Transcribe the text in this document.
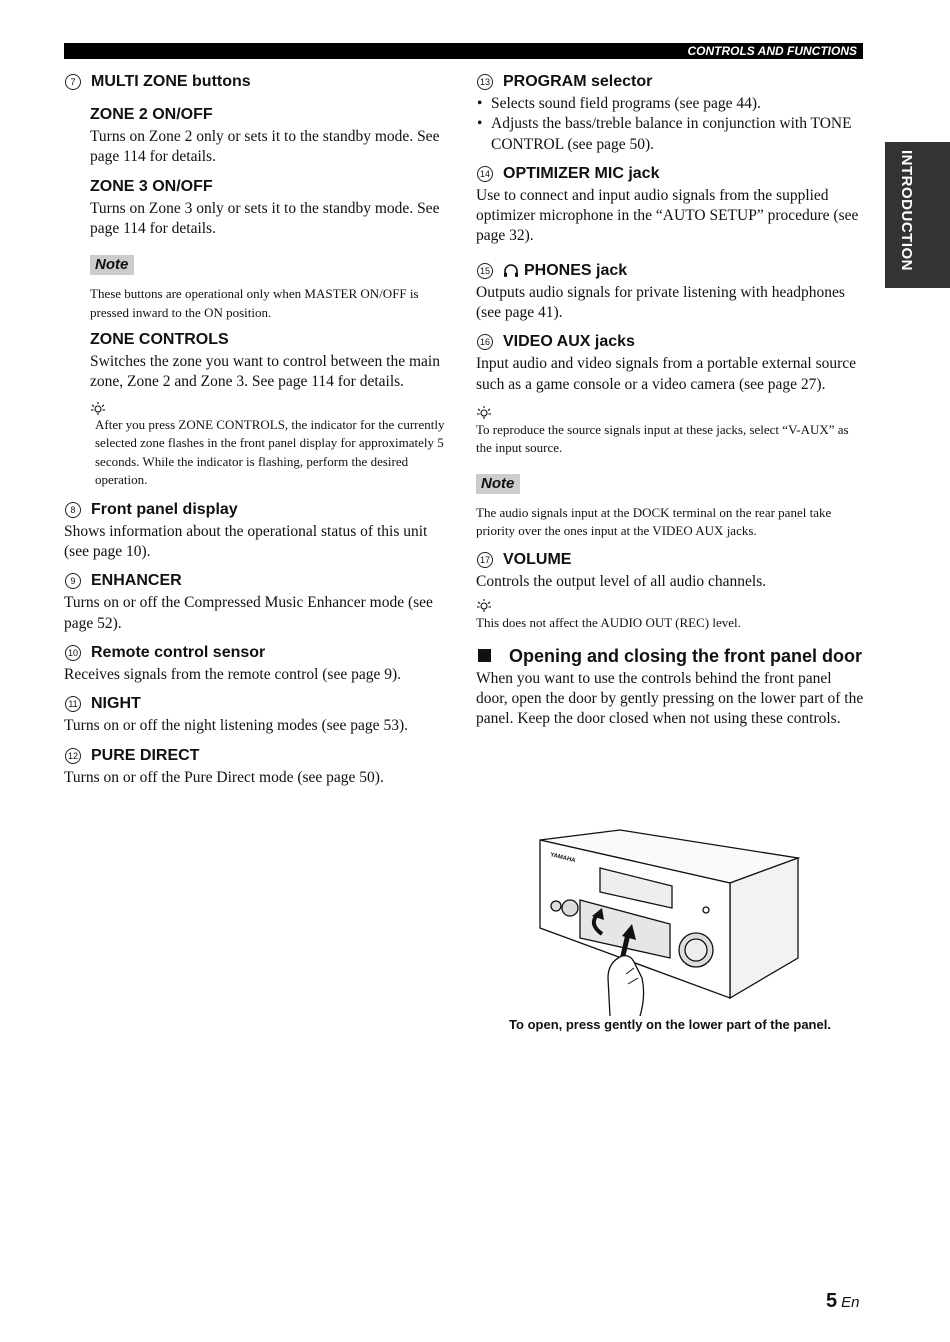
CONTROLS AND FUNCTIONS
INTRODUCTION
7 MULTI ZONE buttons

ZONE 2 ON/OFF

Turns on Zone 2 only or sets it to the standby mode. See page 114 for details.

ZONE 3 ON/OFF

Turns on Zone 3 only or sets it to the standby mode. See page 114 for details.

Note

These buttons are operational only when MASTER ON/OFF is pressed inward to the ON position.

ZONE CONTROLS

Switches the zone you want to control between the main zone, Zone 2 and Zone 3. See page 114 for details.

After you press ZONE CONTROLS, the indicator for the currently selected zone flashes in the front panel display for approximately 5 seconds. While the indicator is flashing, perform the desired operation.

8 Front panel display

Shows information about the operational status of this unit (see page 10).

9 ENHANCER

Turns on or off the Compressed Music Enhancer mode (see page 52).

10 Remote control sensor

Receives signals from the remote control (see page 9).

11 NIGHT

Turns on or off the night listening modes (see page 53).

12 PURE DIRECT

Turns on or off the Pure Direct mode (see page 50).

13 PROGRAM selector
• Selects sound field programs (see page 44).
• Adjusts the bass/treble balance in conjunction with TONE CONTROL (see page 50).
14 OPTIMIZER MIC jack

Use to connect and input audio signals from the supplied optimizer microphone in the “AUTO SETUP” procedure (see page 32).

15 PHONES jack

Outputs audio signals for private listening with headphones (see page 41).

16 VIDEO AUX jacks

Input audio and video signals from a portable external source such as a game console or a video camera (see page 27).

To reproduce the source signals input at these jacks, select “V-AUX” as the input source.

Note

The audio signals input at the DOCK terminal on the rear panel take priority over the ones input at the VIDEO AUX jacks.

17 VOLUME

Controls the output level of all audio channels.

This does not affect the AUDIO OUT (REC) level.

Opening and closing the front panel door

When you want to use the controls behind the front panel door, open the door by gently pressing on the lower part of the panel. Keep the door closed when not using these controls.

YAMAHA
To open, press gently on the lower part of the panel.
5 En
